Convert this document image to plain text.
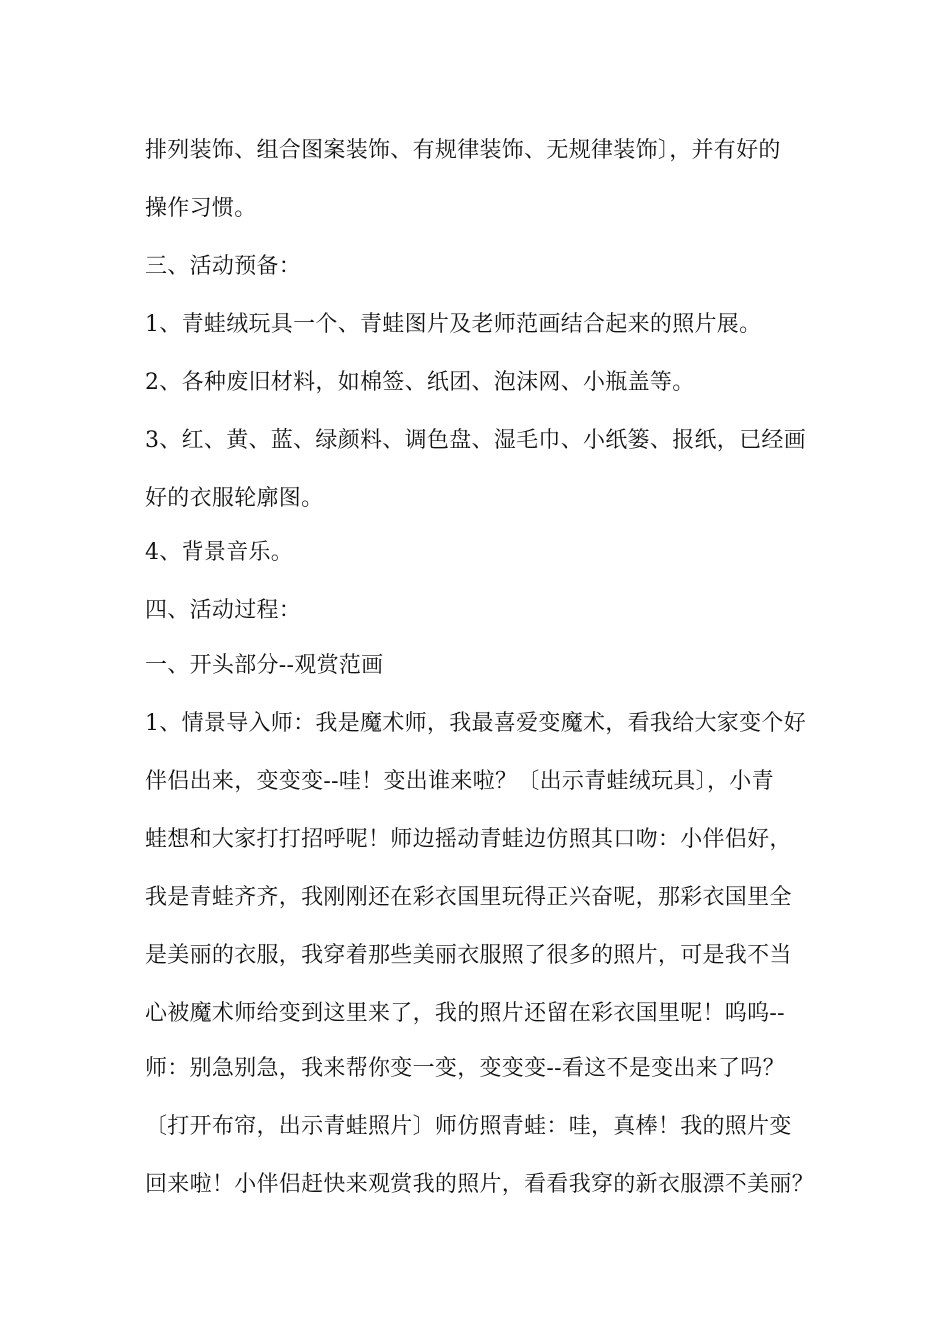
排列装饰、组合图案装饰、有规律装饰、无规律装饰〕，并有好的
操作习惯。
三、活动预备：
1、青蛙绒玩具一个、青蛙图片及老师范画结合起来的照片展。
2、各种废旧材料，如棉签、纸团、泡沫网、小瓶盖等。
3、红、黄、蓝、绿颜料、调色盘、湿毛巾、小纸篓、报纸，已经画
好的衣服轮廓图。
4、背景音乐。
四、活动过程：
一、开头部分--观赏范画
1、情景导入师：我是魔术师，我最喜爱变魔术，看我给大家变个好
伴侣出来，变变变--哇！变出谁来啦？〔出示青蛙绒玩具〕，小青
蛙想和大家打打招呼呢！师边摇动青蛙边仿照其口吻：小伴侣好，
我是青蛙齐齐，我刚刚还在彩衣国里玩得正兴奋呢，那彩衣国里全
是美丽的衣服，我穿着那些美丽衣服照了很多的照片，可是我不当
心被魔术师给变到这里来了，我的照片还留在彩衣国里呢！呜呜--
师：别急别急，我来帮你变一变，变变变--看这不是变出来了吗？
〔打开布帘，出示青蛙照片〕师仿照青蛙：哇，真棒！我的照片变
回来啦！小伴侣赶快来观赏我的照片，看看我穿的新衣服漂不美丽？
